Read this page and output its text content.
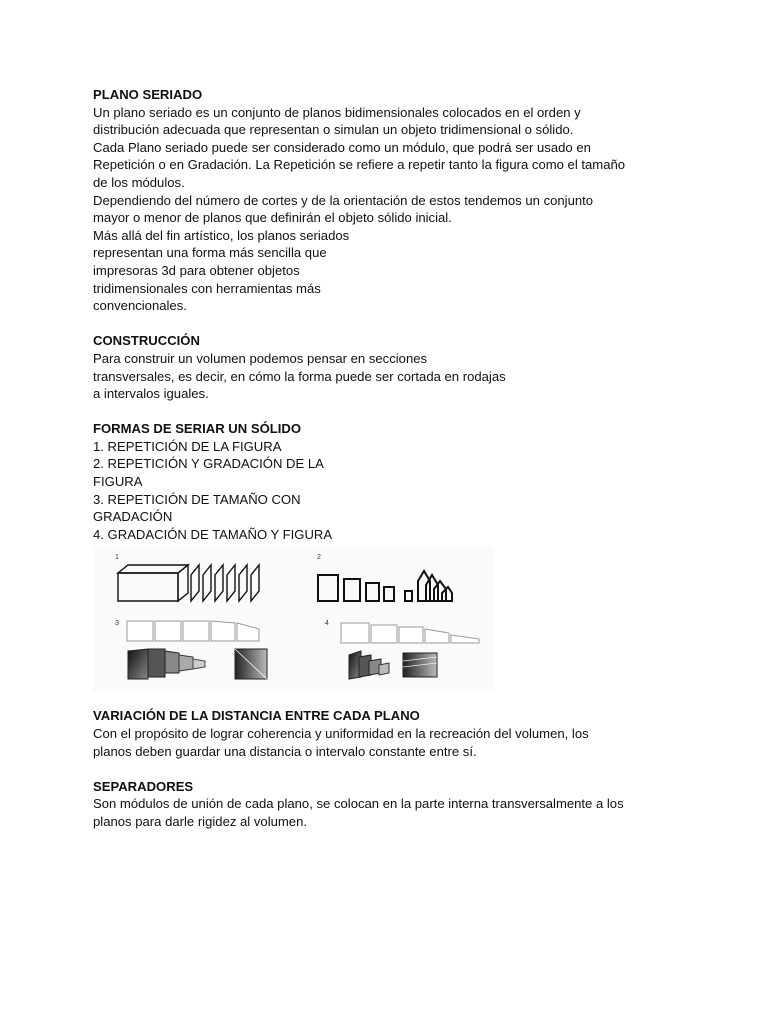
PLANO SERIADO
Un plano seriado es un conjunto de planos bidimensionales colocados en el orden y
distribución adecuada que representan o simulan un objeto tridimensional o sólido.
Cada Plano seriado puede ser considerado como un módulo, que podrá ser usado en
Repetición o en Gradación. La Repetición se refiere a repetir tanto la figura como el tamaño
de los módulos.
Dependiendo del número de cortes y de la orientación de estos tendemos un conjunto
mayor o menor de planos que definirán el objeto sólido inicial.
Más allá del fin artístico, los planos seriados
representan una forma más sencilla que
impresoras 3d para obtener objetos
tridimensionales con herramientas más
convencionales.
CONSTRUCCIÓN
Para construir un volumen podemos pensar en secciones
transversales, es decir, en cómo la forma puede ser cortada en rodajas
a intervalos iguales.
FORMAS DE SERIAR UN SÓLIDO
1. REPETICIÓN DE LA FIGURA
2. REPETICIÓN Y GRADACIÓN DE LA
FIGURA
3. REPETICIÓN DE TAMAÑO CON
GRADACIÓN
4. GRADACIÓN DE TAMAÑO Y FIGURA
1	2
3	4
VARIACIÓN DE LA DISTANCIA ENTRE CADA PLANO
Con el propósito de lograr coherencia y uniformidad en la recreación del volumen, los
planos deben guardar una distancia o intervalo constante entre sí.
SEPARADORES
Son módulos de unión de cada plano, se colocan en la parte interna transversalmente a los
planos para darle rigidez al volumen.
